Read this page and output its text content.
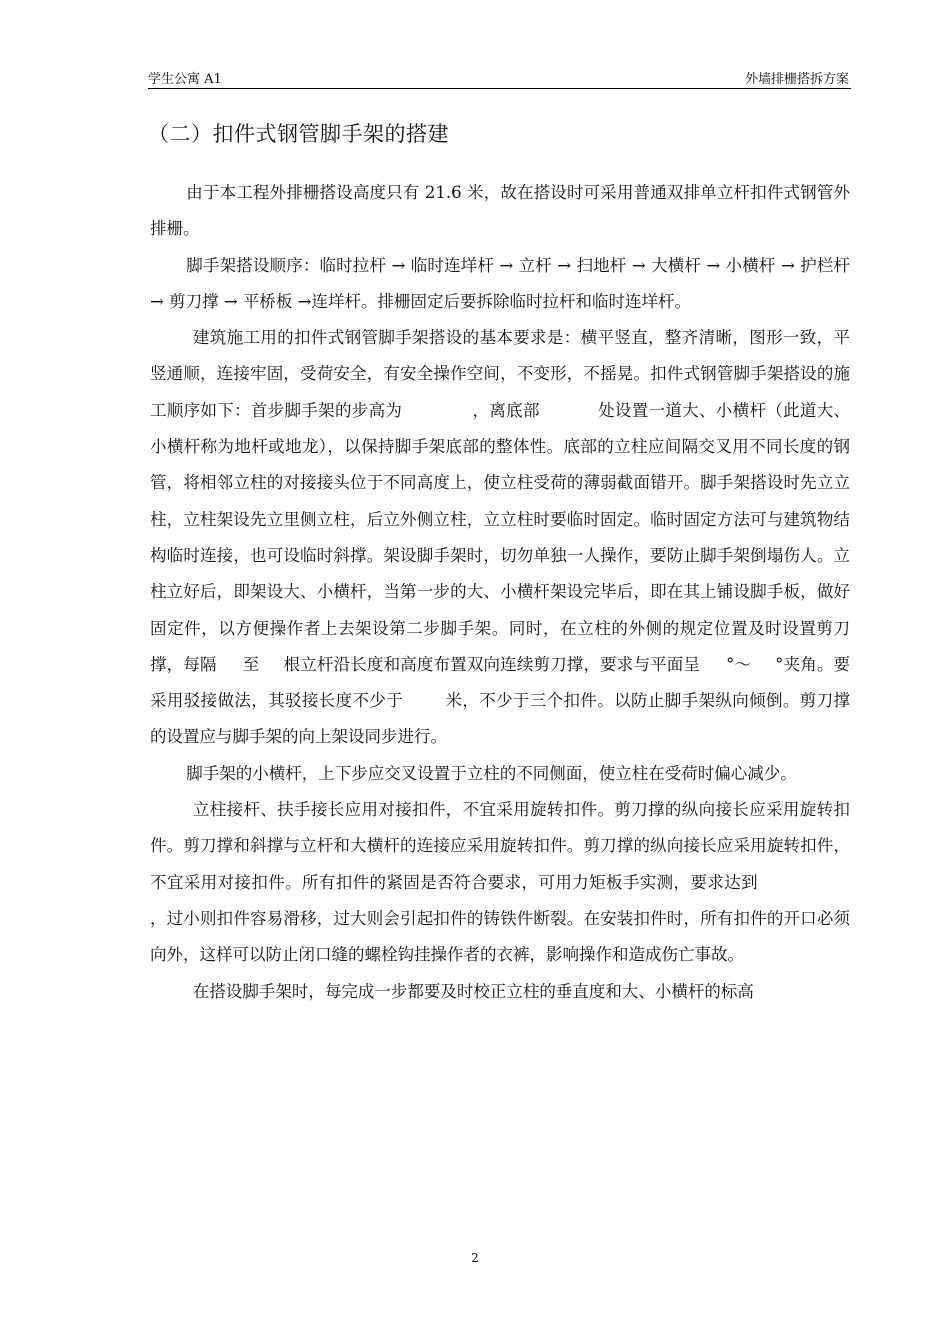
学生公寓 A1	外墙排栅搭拆方案
（二）扣件式钢管脚手架的搭建

由于本工程外排栅搭设高度只有 21.6 米，故在搭设时可采用普通双排单立杆扣件式钢管外排栅。

脚手架搭设顺序：临时拉杆 → 临时连垟杆 → 立杆 → 扫地杆 → 大横杆 → 小横杆 → 护栏杆 → 剪刀撑 → 平桥板 →连垟杆。排栅固定后要拆除临时拉杆和临时连垟杆。

建筑施工用的扣件式钢管脚手架搭设的基本要求是：横平竖直，整齐清晰，图形一致，平竖通顺，连接牢固，受荷安全，有安全操作空间，不变形，不摇晃。扣件式钢管脚手架搭设的施工顺序如下：首步脚手架的步高为	，离底部	处设置一道大、小横杆（此道大、小横杆称为地杆或地龙），以保持脚手架底部的整体性。底部的立柱应间隔交叉用不同长度的钢管，将相邻立柱的对接接头位于不同高度上，使立柱受荷的薄弱截面错开。脚手架搭设时先立立柱，立柱架设先立里侧立柱，后立外侧立柱，立立柱时要临时固定。临时固定方法可与建筑物结构临时连接，也可设临时斜撑。架设脚手架时，切勿单独一人操作，要防止脚手架倒塌伤人。立柱立好后，即架设大、小横杆，当第一步的大、小横杆架设完毕后，即在其上铺设脚手板，做好固定件，以方便操作者上去架设第二步脚手架。同时，在立柱的外侧的规定位置及时设置剪刀撑，每隔 至 根立杆沿长度和高度布置双向连续剪刀撑，要求与平面呈 °～ °夹角。要采用驳接做法，其驳接长度不少于	米，不少于三个扣件。以防止脚手架纵向倾倒。剪刀撑的设置应与脚手架的向上架设同步进行。

脚手架的小横杆，上下步应交叉设置于立柱的不同侧面，使立柱在受荷时偏心减少。

立柱接杆、扶手接长应用对接扣件，不宜采用旋转扣件。剪刀撑的纵向接长应采用旋转扣件。剪刀撑和斜撑与立杆和大横杆的连接应采用旋转扣件。剪刀撑的纵向接长应采用旋转扣件，不宜采用对接扣件。所有扣件的紧固是否符合要求，可用力矩板手实测，要求达到，过小则扣件容易滑移，过大则会引起扣件的铸铁件断裂。在安装扣件时，所有扣件的开口必须向外，这样可以防止闭口缝的螺栓钩挂操作者的衣裤，影响操作和造成伤亡事故。

在搭设脚手架时，每完成一步都要及时校正立柱的垂直度和大、小横杆的标高

2
